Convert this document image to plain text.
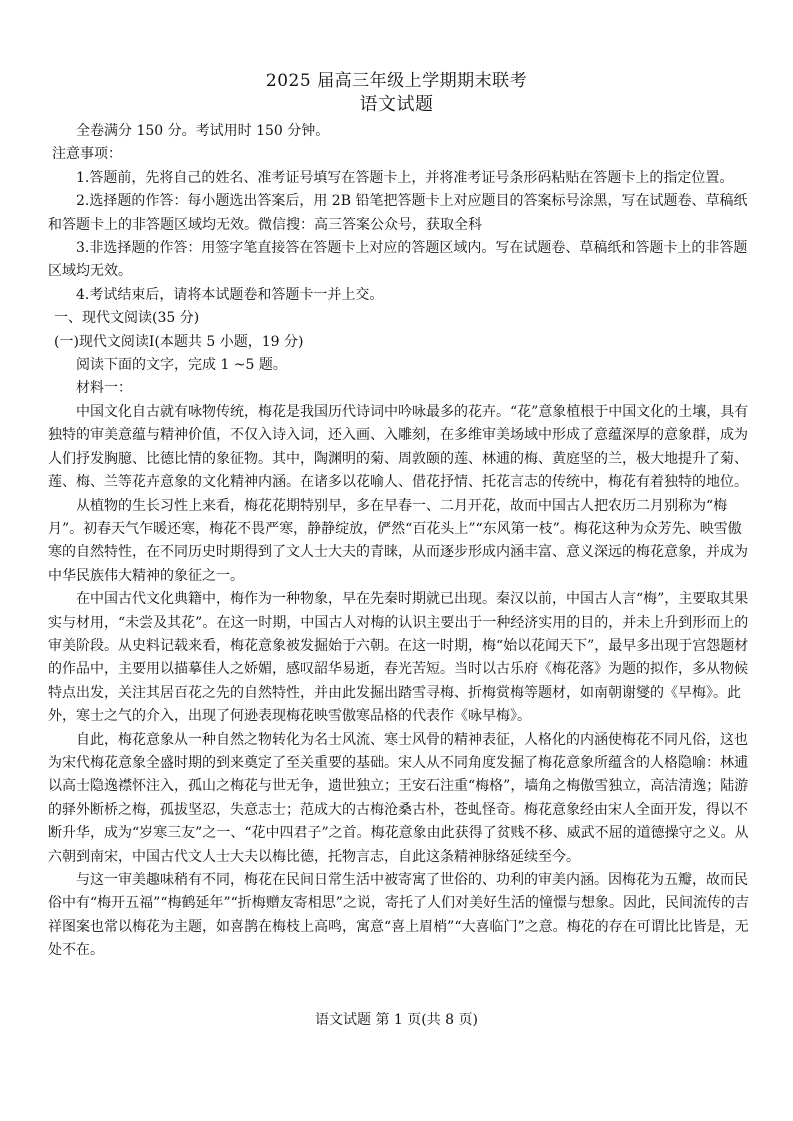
2025 届高三年级上学期期末联考
语文试题

全卷满分 150 分。考试用时 150 分钟。

注意事项：

1.答题前，先将自己的姓名、准考证号填写在答题卡上，并将准考证号条形码粘贴在答题卡上的指定位置。

2.选择题的作答：每小题选出答案后，用 2B 铅笔把答题卡上对应题目的答案标号涂黑，写在试题卷、草稿纸和答题卡上的非答题区域均无效。微信搜：高三答案公众号，获取全科

3.非选择题的作答：用签字笔直接答在答题卡上对应的答题区域内。写在试题卷、草稿纸和答题卡上的非答题区域均无效。

4.考试结束后，请将本试题卷和答题卡一并上交。

一、现代文阅读(35 分)

(一)现代文阅读Ⅰ(本题共 5 小题，19 分)

阅读下面的文字，完成 1 ~5 题。

材料一：

中国文化自古就有咏物传统，梅花是我国历代诗词中吟咏最多的花卉。“花”意象植根于中国文化的土壤，具有独特的审美意蕴与精神价值，不仅入诗入词，还入画、入雕刻，在多维审美场域中形成了意蕴深厚的意象群，成为人们抒发胸臆、比德比情的象征物。其中，陶渊明的菊、周敦颐的莲、林逋的梅、黄庭坚的兰，极大地提升了菊、莲、梅、兰等花卉意象的文化精神内涵。在诸多以花喻人、借花抒情、托花言志的传统中，梅花有着独特的地位。

从植物的生长习性上来看，梅花花期特别早，多在早春一、二月开花，故而中国古人把农历二月别称为“梅月”。初春天气乍暖还寒，梅花不畏严寒，静静绽放，俨然“百花头上”“东风第一枝”。梅花这种为众芳先、映雪傲寒的自然特性，在不同历史时期得到了文人士大夫的青睐，从而逐步形成内涵丰富、意义深远的梅花意象，并成为中华民族伟大精神的象征之一。

在中国古代文化典籍中，梅作为一种物象，早在先秦时期就已出现。秦汉以前，中国古人言“梅”，主要取其果实与材用，“未尝及其花”。在这一时期，中国古人对梅的认识主要出于一种经济实用的目的，并未上升到形而上的审美阶段。从史料记载来看，梅花意象被发掘始于六朝。在这一时期，梅“始以花闻天下”，最早多出现于宫怨题材的作品中，主要用以描摹佳人之娇媚，感叹韶华易逝，春光苦短。当时以古乐府《梅花落》为题的拟作，多从物候特点出发，关注其居百花之先的自然特性，并由此发掘出踏雪寻梅、折梅赏梅等题材，如南朝谢燮的《早梅》。此外，寒士之气的介入，出现了何逊表现梅花映雪傲寒品格的代表作《咏早梅》。

自此，梅花意象从一种自然之物转化为名士风流、寒士风骨的精神表征，人格化的内涵使梅花不同凡俗，这也为宋代梅花意象全盛时期的到来奠定了至关重要的基础。宋人从不同角度发掘了梅花意象所蕴含的人格隐喻：林逋以高士隐逸襟怀注入，孤山之梅花与世无争，遗世独立；王安石注重“梅格”，墙角之梅傲雪独立，高洁清逸；陆游的驿外断桥之梅，孤拔坚忍，失意志士；范成大的古梅沧桑古朴，苍虬怪奇。梅花意象经由宋人全面开发，得以不断升华，成为“岁寒三友”之一、“花中四君子”之首。梅花意象由此获得了贫贱不移、威武不屈的道德操守之义。从六朝到南宋，中国古代文人士大夫以梅比德，托物言志，自此这条精神脉络延续至今。

与这一审美趣味稍有不同，梅花在民间日常生活中被寄寓了世俗的、功利的审美内涵。因梅花为五瓣，故而民俗中有“梅开五福”“梅鹤延年”“折梅赠友寄相思”之说，寄托了人们对美好生活的憧憬与想象。因此，民间流传的吉祥图案也常以梅花为主题，如喜鹊在梅枝上高鸣，寓意“喜上眉梢”“大喜临门”之意。梅花的存在可谓比比皆是，无处不在。

语文试题 第 1 页(共 8 页)
